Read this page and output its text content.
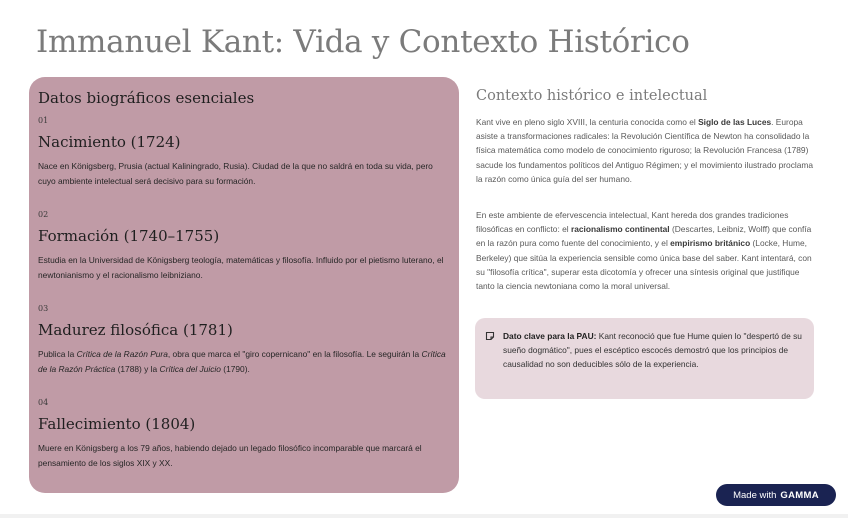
Immanuel Kant: Vida y Contexto Histórico
Datos biográficos esenciales
01
Nacimiento (1724)
Nace en Königsberg, Prusia (actual Kaliningrado, Rusia). Ciudad de la que no saldrá en toda su vida, pero cuyo ambiente intelectual será decisivo para su formación.
02
Formación (1740–1755)
Estudia en la Universidad de Königsberg teología, matemáticas y filosofía. Influido por el pietismo luterano, el newtonianismo y el racionalismo leibniziano.
03
Madurez filosófica (1781)
Publica la Crítica de la Razón Pura, obra que marca el "giro copernicano" en la filosofía. Le seguirán la Crítica de la Razón Práctica (1788) y la Crítica del Juicio (1790).
04
Fallecimiento (1804)
Muere en Königsberg a los 79 años, habiendo dejado un legado filosófico incomparable que marcará el pensamiento de los siglos XIX y XX.
Contexto histórico e intelectual
Kant vive en pleno siglo XVIII, la centuria conocida como el Siglo de las Luces. Europa asiste a transformaciones radicales: la Revolución Científica de Newton ha consolidado la física matemática como modelo de conocimiento riguroso; la Revolución Francesa (1789) sacude los fundamentos políticos del Antiguo Régimen; y el movimiento ilustrado proclama la razón como única guía del ser humano.
En este ambiente de efervescencia intelectual, Kant hereda dos grandes tradiciones filosóficas en conflicto: el racionalismo continental (Descartes, Leibniz, Wolff) que confía en la razón pura como fuente del conocimiento, y el empirismo británico (Locke, Hume, Berkeley) que sitúa la experiencia sensible como única base del saber. Kant intentará, con su "filosofía crítica", superar esta dicotomía y ofrecer una síntesis original que justifique tanto la ciencia newtoniana como la moral universal.
Dato clave para la PAU: Kant reconoció que fue Hume quien lo "despertó de su sueño dogmático", pues el escéptico escocés demostró que los principios de causalidad no son deducibles sólo de la experiencia.
Made with GAMMA
